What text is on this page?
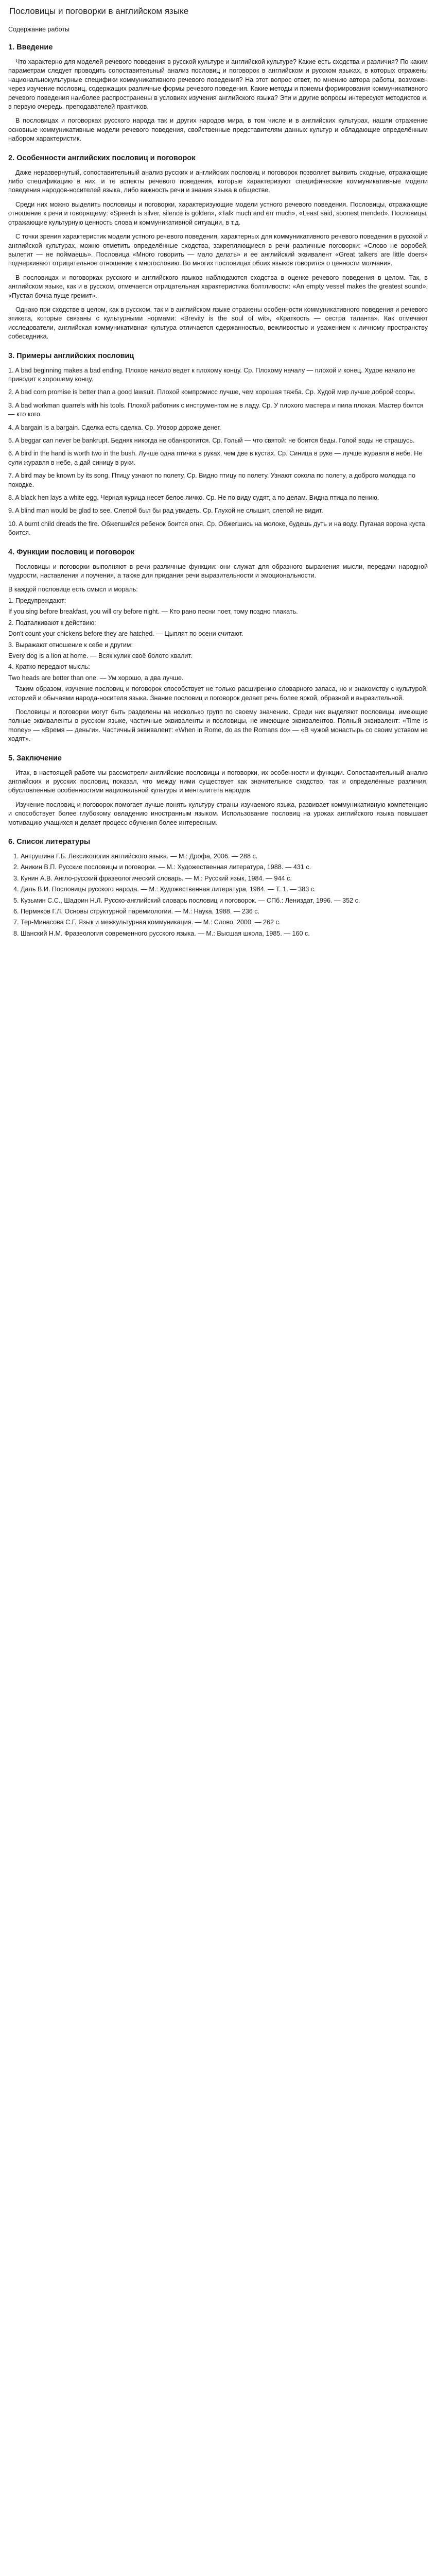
Пословицы и поговорки в английском языке
Содержание работы
1. Введение

Что характерно для моделей речевого поведения в русской культуре и английской культуре? Какие есть сходства и различия? По каким параметрам следует проводить сопоставительный анализ пословиц и поговорок в английском и русском языках, в которых отражены национальнокультурные специфики коммуникативного речевого поведения? На этот вопрос ответ, по мнению автора работы, возможен через изучение пословиц, содержащих различные формы речевого поведения. Какие методы и приемы формирования коммуникативного речевого поведения наиболее распространены в условиях изучения английского языка? Эти и другие вопросы интересуют методистов и, в первую очередь, преподавателей практиков.

В пословицах и поговорках русского народа так и других народов мира, в том числе и в английских культурах, нашли отражение основные коммуникативные модели речевого поведения, свойственные представителям данных культур и обладающие определённым набором характеристик.

2. Особенности английских пословиц и поговорок

Даже неразвернутый, сопоставительный анализ русских и английских пословиц и поговорок позволяет выявить сходные, отражающие либо спецификацию в них, и те аспекты речевого поведения, которые характеризуют специфические коммуникативные модели поведения народов-носителей языка, либо важность речи и знания языка в обществе.

Среди них можно выделить пословицы и поговорки, характеризующие модели устного речевого поведения. Пословицы, отражающие отношение к речи и говорящему: «Speech is silver, silence is golden», «Talk much and err much», «Least said, soonest mended». Пословицы, отражающие культурную ценность слова и коммуникативной ситуации, в т.д.

С точки зрения характеристик модели устного речевого поведения, характерных для коммуникативного речевого поведения в русской и английской культурах, можно отметить определённые сходства, закрепляющиеся в речи различные поговорки: «Слово не воробей, вылетит — не поймаешь». Пословица «Много говорить — мало делать» и ее английский эквивалент «Great talkers are little doers» подчеркивают отрицательное отношение к многословию. Во многих пословицах обоих языков говорится о ценности молчания.

В пословицах и поговорках русского и английского языков наблюдаются сходства в оценке речевого поведения в целом. Так, в английском языке, как и в русском, отмечается отрицательная характеристика болтливости: «An empty vessel makes the greatest sound», «Пустая бочка пуще гремит».

Однако при сходстве в целом, как в русском, так и в английском языке отражены особенности коммуникативного поведения и речевого этикета, которые связаны с культурными нормами: «Brevity is the soul of wit», «Краткость — сестра таланта». Как отмечают исследователи, английская коммуникативная культура отличается сдержанностью, вежливостью и уважением к личному пространству собеседника.

3. Примеры английских пословиц

1. A bad beginning makes a bad ending. Плохое начало ведет к плохому концу. Ср. Плохому началу — плохой и конец. Худое начало не приводит к хорошему концу.

2. A bad corn promise is better than a good lawsuit. Плохой компромисс лучше, чем хорошая тяжба. Ср. Худой мир лучше доброй ссоры.

3. A bad workman quarrels with his tools. Плохой работник с инструментом не в ладу. Ср. У плохого мастера и пила плохая. Мастер боится — кто кого.

4. A bargain is a bargain. Сделка есть сделка. Ср. Уговор дороже денег.

5. A beggar can never be bankrupt. Бедняк никогда не обанкротится. Ср. Голый — что святой: не боится беды. Голой воды не страшусь.

6. A bird in the hand is worth two in the bush. Лучше одна птичка в руках, чем две в кустах. Ср. Синица в руке — лучше журавля в небе. Не сули журавля в небе, а дай синицу в руки.

7. A bird may be known by its song. Птицу узнают по полету. Ср. Видно птицу по полету. Узнают сокола по полету, а доброго молодца по походке.

8. A black hen lays a white egg. Черная курица несет белое яичко. Ср. Не по виду судят, а по делам. Видна птица по пению.

9. A blind man would be glad to see. Слепой был бы рад увидеть. Ср. Глухой не слышит, слепой не видит.

10. A burnt child dreads the fire. Обжегшийся ребенок боится огня. Ср. Обжегшись на молоке, будешь дуть и на воду. Пуганая ворона куста боится.

4. Функции пословиц и поговорок

Пословицы и поговорки выполняют в речи различные функции: они служат для образного выражения мысли, передачи народной мудрости, наставления и поучения, а также для придания речи выразительности и эмоциональности.

В каждой пословице есть смысл и мораль:

1. Предупреждают:

If you sing before breakfast, you will cry before night. — Кто рано песни поет, тому поздно плакать.

2. Подталкивают к действию:

Don't count your chickens before they are hatched. — Цыплят по осени считают.

3. Выражают отношение к себе и другим:

Every dog is a lion at home. — Всяк кулик своё болото хвалит.

4. Кратко передают мысль:

Two heads are better than one. — Ум хорошо, а два лучше.

Таким образом, изучение пословиц и поговорок способствует не только расширению словарного запаса, но и знакомству с культурой, историей и обычаями народа-носителя языка. Знание пословиц и поговорок делает речь более яркой, образной и выразительной.

Пословицы и поговорки могут быть разделены на несколько групп по своему значению. Среди них выделяют пословицы, имеющие полные эквиваленты в русском языке, частичные эквиваленты и пословицы, не имеющие эквивалентов. Полный эквивалент: «Time is money» — «Время — деньги». Частичный эквивалент: «When in Rome, do as the Romans do» — «В чужой монастырь со своим уставом не ходят».

5. Заключение

Итак, в настоящей работе мы рассмотрели английские пословицы и поговорки, их особенности и функции. Сопоставительный анализ английских и русских пословиц показал, что между ними существует как значительное сходство, так и определённые различия, обусловленные особенностями национальной культуры и менталитета народов.

Изучение пословиц и поговорок помогает лучше понять культуру страны изучаемого языка, развивает коммуникативную компетенцию и способствует более глубокому овладению иностранным языком. Использование пословиц на уроках английского языка повышает мотивацию учащихся и делает процесс обучения более интересным.

6. Список литературы

1. Антрушина Г.Б. Лексикология английского языка. — М.: Дрофа, 2006. — 288 с.

2. Аникин В.П. Русские пословицы и поговорки. — М.: Художественная литература, 1988. — 431 с.

3. Кунин А.В. Англо-русский фразеологический словарь. — М.: Русский язык, 1984. — 944 с.

4. Даль В.И. Пословицы русского народа. — М.: Художественная литература, 1984. — Т. 1. — 383 с.

5. Кузьмин С.С., Шадрин Н.Л. Русско-английский словарь пословиц и поговорок. — СПб.: Лениздат, 1996. — 352 с.

6. Пермяков Г.Л. Основы структурной паремиологии. — М.: Наука, 1988. — 236 с.

7. Тер-Минасова С.Г. Язык и межкультурная коммуникация. — М.: Слово, 2000. — 262 с.

8. Шанский Н.М. Фразеология современного русского языка. — М.: Высшая школа, 1985. — 160 с.
